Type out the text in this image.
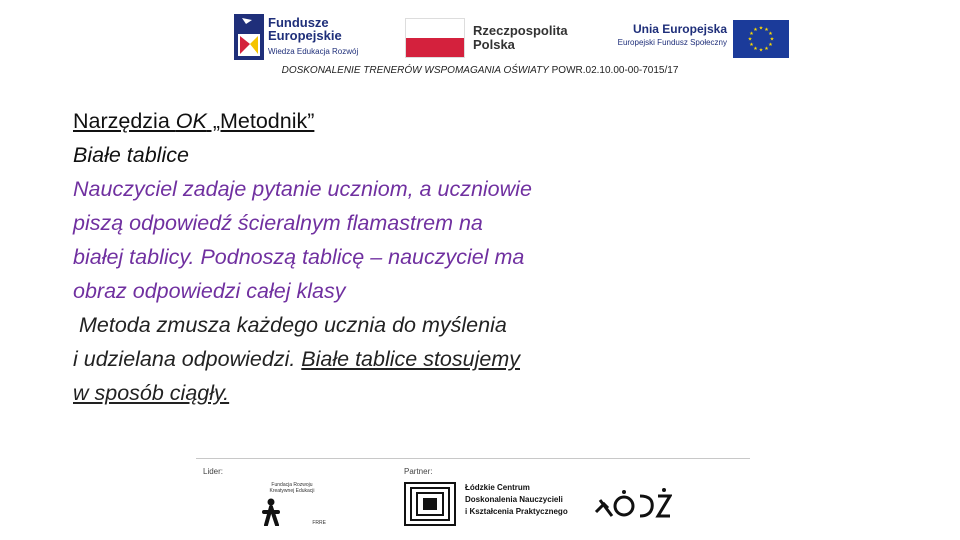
Fundusze
Europejskie
Wiedza Edukacja Rozwój
Rzeczpospolita
Polska
Unia Europejska
Europejski Fundusz Społeczny
★ ★
★
★
★
★
★
★
★
★
★
★
DOSKONALENIE TRENERÓW WSPOMAGANIA OŚWIATY POWR.02.10.00-00-7015/17
Narzędzia OK „Metodnik”
Białe tablice
Nauczyciel zadaje pytanie uczniom, a uczniowie
piszą odpowiedź ścieralnym flamastrem na
białej tablicy. Podnoszą tablicę – nauczyciel ma
obraz odpowiedzi całej klasy
Metoda zmusza każdego ucznia do myślenia
i udzielana odpowiedzi. Białe tablice stosujemy
w sposób ciągły.
Lider:	Partner:
Fundacja Rozwoju Kreatywnej Edukacji
FRRE
Łódzkie Centrum
Doskonalenia Nauczycieli
i Kształcenia Praktycznego
